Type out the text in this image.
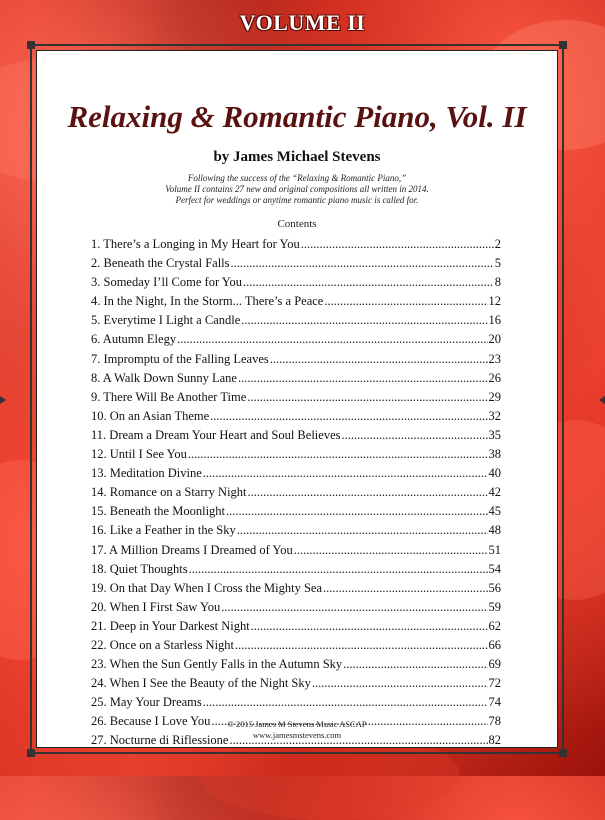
VOLUME II
Relaxing & Romantic Piano, Vol. II
by James Michael Stevens
Following the success of the “Relaxing & Romantic Piano,”
Volume II contains 27 new and original compositions all written in 2014.
Perfect for weddings or anytime romantic piano music is called for.
Contents
1. There’s a Longing in My Heart for You .....	2
2. Beneath the Crystal Falls .....	5
3. Someday I’ll Come for You .....	8
4. In the Night, In the Storm... There’s a Peace .....	12
5. Everytime I Light a Candle .....	16
6. Autumn Elegy .....	20
7. Impromptu of the Falling Leaves .....	23
8. A Walk Down Sunny Lane .....	26
9. There Will Be Another Time .....	29
10. On an Asian Theme .....	32
11. Dream a Dream Your Heart and Soul Believes .....	35
12. Until I See You .....	38
13. Meditation Divine .....	40
14. Romance on a Starry Night .....	42
15. Beneath the Moonlight .....	45
16. Like a Feather in the Sky .....	48
17. A Million Dreams I Dreamed of You .....	51
18. Quiet Thoughts .....	54
19. On that Day When I Cross the Mighty Sea .....	56
20. When I First Saw You .....	59
21. Deep in Your Darkest Night .....	62
22. Once on a Starless Night .....	66
23. When the Sun Gently Falls in the Autumn Sky .....	69
24. When I See the Beauty of the Night Sky .....	72
25. May Your Dreams .....	74
26. Because I Love You .....	78
27. Nocturne di Riflessione .....	82
© 2015 James M Stevens Music ASCAP
www.jamesmstevens.com
